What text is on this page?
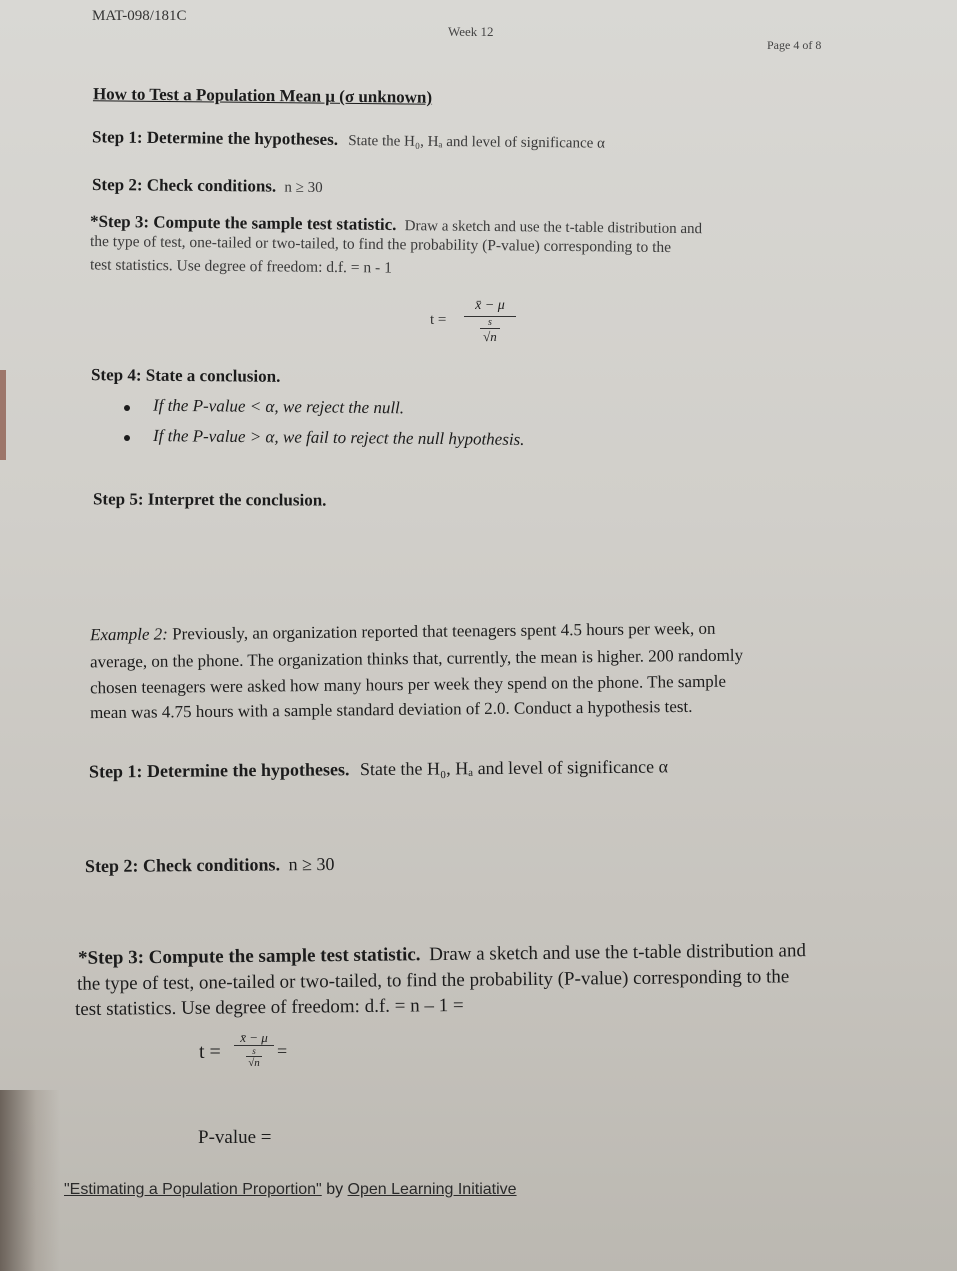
MAT-098/181C
Week 12
Page 4 of 8
How to Test a Population Mean μ (σ unknown)
Step 1: Determine the hypotheses. State the H₀, Hₐ and level of significance α
Step 2: Check conditions. n ≥ 30
*Step 3: Compute the sample test statistic. Draw a sketch and use the t-table distribution and
the type of test, one-tailed or two-tailed, to find the probability (P-value) corresponding to the
test statistics. Use degree of freedom: d.f. = n - 1
t =
x̄ − μ
s
√n
Step 4: State a conclusion.
If the P-value < α, we reject the null.
If the P-value > α, we fail to reject the null hypothesis.
Step 5: Interpret the conclusion.
Example 2: Previously, an organization reported that teenagers spent 4.5 hours per week, on
average, on the phone. The organization thinks that, currently, the mean is higher. 200 randomly
chosen teenagers were asked how many hours per week they spend on the phone. The sample
mean was 4.75 hours with a sample standard deviation of 2.0. Conduct a hypothesis test.
Step 1: Determine the hypotheses. State the H₀, Hₐ and level of significance α
Step 2: Check conditions. n ≥ 30
*Step 3: Compute the sample test statistic. Draw a sketch and use the t-table distribution and
the type of test, one-tailed or two-tailed, to find the probability (P-value) corresponding to the
test statistics. Use degree of freedom: d.f. = n – 1 =
t =
x̄ − μ
s
√n
=
P-value =
"Estimating a Population Proportion" by Open Learning Initiative
